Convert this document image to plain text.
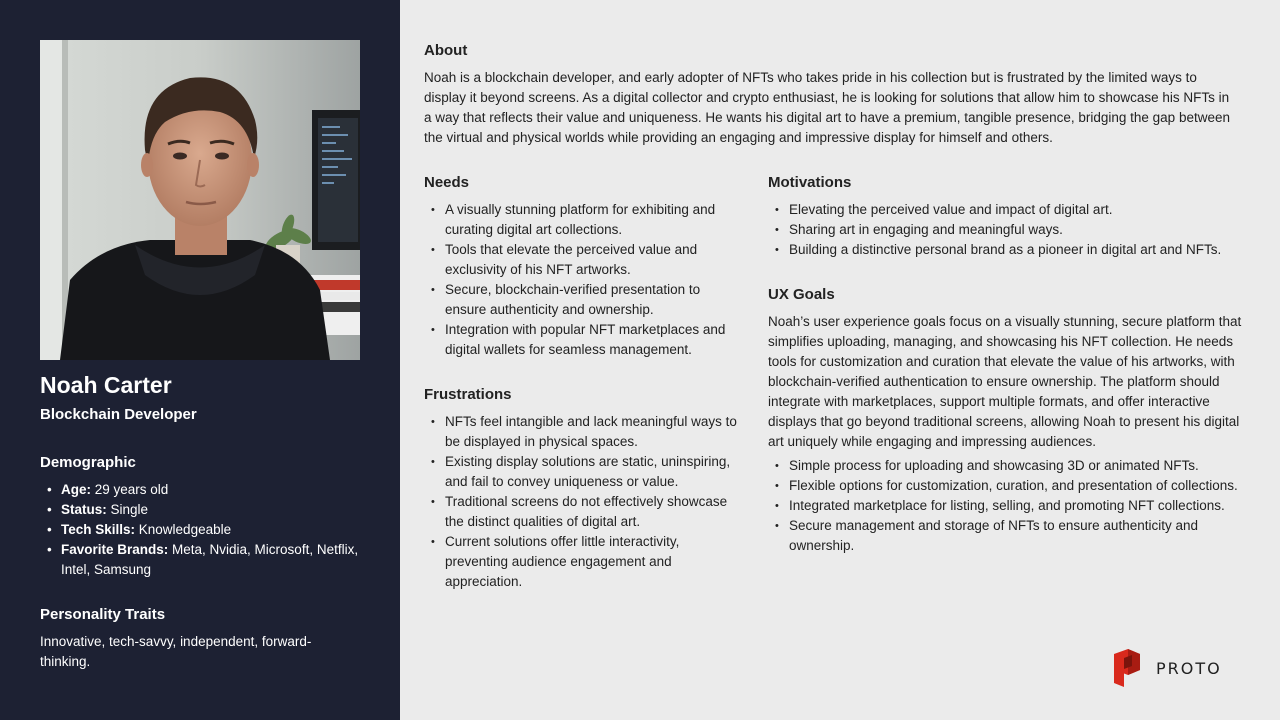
Noah Carter
Blockchain Developer
Demographic
• Age: 29 years old
• Status: Single
• Tech Skills: Knowledgeable
• Favorite Brands: Meta, Nvidia, Microsoft, Netflix, Intel, Samsung
Personality Traits
Innovative, tech-savvy, independent, forward-thinking.
About
Noah is a blockchain developer, and early adopter of NFTs who takes pride in his collection but is frustrated by the limited ways to display it beyond screens. As a digital collector and crypto enthusiast, he is looking for solutions that allow him to showcase his NFTs in a way that reflects their value and uniqueness. He wants his digital art to have a premium, tangible presence, bridging the gap between the virtual and physical worlds while providing an engaging and impressive display for himself and others.
Needs
• A visually stunning platform for exhibiting and curating digital art collections.
• Tools that elevate the perceived value and exclusivity of his NFT artworks.
• Secure, blockchain-verified presentation to ensure authenticity and ownership.
• Integration with popular NFT marketplaces and digital wallets for seamless management.
Frustrations
• NFTs feel intangible and lack meaningful ways to be displayed in physical spaces.
• Existing display solutions are static, uninspiring, and fail to convey uniqueness or value.
• Traditional screens do not effectively showcase the distinct qualities of digital art.
• Current solutions offer little interactivity, preventing audience engagement and appreciation.
Motivations
• Elevating the perceived value and impact of digital art.
• Sharing art in engaging and meaningful ways.
• Building a distinctive personal brand as a pioneer in digital art and NFTs.
UX Goals
Noah’s user experience goals focus on a visually stunning, secure platform that simplifies uploading, managing, and showcasing his NFT collection. He needs tools for customization and curation that elevate the value of his artworks, with blockchain-verified authentication to ensure ownership. The platform should integrate with marketplaces, support multiple formats, and offer interactive displays that go beyond traditional screens, allowing Noah to present his digital art uniquely while engaging and impressing audiences.
• Simple process for uploading and showcasing 3D or animated NFTs.
• Flexible options for customization, curation, and presentation of collections.
• Integrated marketplace for listing, selling, and promoting NFT collections.
• Secure management and storage of NFTs to ensure authenticity and ownership.
PROTO
